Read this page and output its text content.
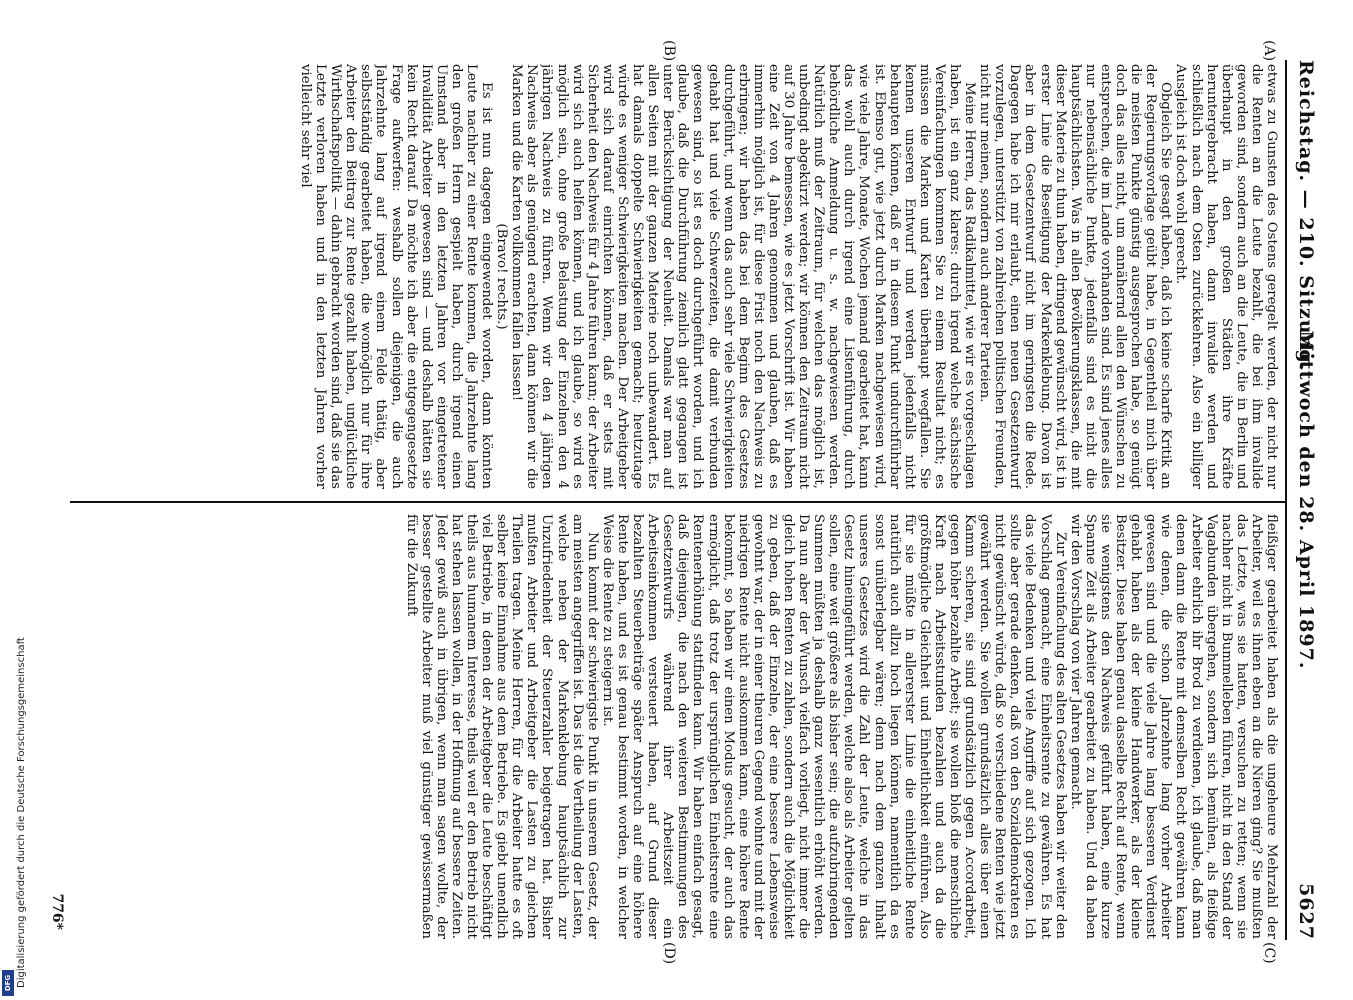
Reichstag. — 210. Sitzung.
Mittwoch den 28. April 1897.
5627
(A)
(B)
(C)
(D)

etwas zu Gunsten des Ostens geregelt werden, der nicht nur die Renten an die Leute bezahlt, die bei ihm invalide geworden sind, sondern auch an die Leute, die in Berlin und überhaupt in den großen Städten ihre Kräfte heruntergebracht haben, dann invalide werden und schließlich nach dem Osten zurückkehren. Also ein billiger Ausgleich ist doch wohl gerecht.

Obgleich Sie gesagt haben, daß ich keine scharfe Kritik an der Regierungsvorlage geübt habe, in Gegentheil mich über die meisten Punkte günstig ausgesprochen habe, so genügt doch das alles nicht, um annähernd allen den Wünschen zu entsprechen, die im Lande vorhanden sind. Es sind jenes alles nur nebensächliche Punkte, jedenfalls sind es nicht die hauptsächlichsten. Was in allen Bevölkerungsklassen, die mit dieser Materie zu thun haben, dringend gewünscht wird, ist in erster Linie die Beseitigung der Markenklebung. Davon ist aber in dem Gesetzentwurf nicht im geringsten die Rede. Dagegen habe ich mir erlaubt, einen neuen Gesetzentwurf vorzulegen, unterstützt von zahlreichen politischen Freunden, nicht nur meinen, sondern auch anderer Parteien.

Meine Herren, das Radikalmittel, wie wir es vorgeschlagen haben, ist ein ganz klares: durch irgend welche sächsische Vereinfachungen kommen Sie zu einem Resultat nicht; es müssen die Marken und Karten überhaupt wegfallen. Sie kennen unseren Entwurf und werden jedenfalls nicht behaupten können, daß er in diesem Punkt undurchführbar ist. Ebenso gut, wie jetzt durch Marken nachgewiesen wird, wie viele Jahre, Monate, Wochen jemand gearbeitet hat, kann das wohl auch durch irgend eine Listenführung, durch behördliche Anmeldung u. s. w. nachgewiesen werden. Natürlich muß der Zeitraum, für welchen das möglich ist, unbedingt abgekürzt werden; wir können den Zeitraum nicht auf 30 Jahre bemessen, wie es jetzt Vorschrift ist. Wir haben eine Zeit von 4 Jahren genommen und glauben, daß es immerhin möglich ist, für diese Frist noch den Nachweis zu erbringen; wir haben das bei dem Beginn des Gesetzes durchgeführt, und wenn das auch sehr viele Schwierigkeiten gehabt hat und viele Schwerzeiten, die damit verbunden gewesen sind, so ist es doch durchgeführt worden, und ich glaube, daß die Durchführung ziemlich glatt gegangen ist unter Berücksichtigung der Neuheit. Damals war man auf allen Seiten mit der ganzen Materie noch unbewandert. Es hat damals doppelte Schwierigkeiten gemacht; heutzutage würde es weniger Schwierigkeiten machen. Der Arbeitgeber wird sich darauf einrichten können, daß er stets mit Sicherheit den Nachweis für 4 Jahre führen kann; der Arbeiter wird sich auch helfen können, und ich glaube, so wird es möglich sein, ohne große Belastung der Einzelnen den 4 jährigen Nachweis zu führen. Wenn wir den 4 jährigen Nachweis aber als genügend erachten, dann können wir die Marken und die Karten vollkommen fallen lassen!

(Bravo! rechts.)

Es ist nun dagegen eingewendet worden, dann könnten Leute nachher zu einer Rente kommen, die Jahrzehnte lang den großen Herrn gespielt haben, durch irgend einen Umstand aber in den letzten Jahren vor eingetretener Invalidität Arbeiter gewesen sind — und deshalb hätten sie kein Recht darauf. Da möchte ich aber die entgegengesetzte Frage aufwerfen: weshalb sollen diejenigen, die auch Jahrzehnte lang auf irgend einem Felde thätig, aber selbstständig gearbeitet haben, die womöglich nur für ihre Arbeiter den Beitrag zur Rente gezahlt haben, unglückliche Wirthschaftspolitik — dahin gebracht worden sind, daß sie das Letzte verloren haben und in den letzten Jahren vorher vielleicht sehr viel

fleißiger gearbeitet haben als die ungeheure Mehrzahl der Arbeiter, weil es ihnen eben an die Nieren ging? Sie mußten das Letzte, was sie hatten, versuchen zu retten; wenn sie nachher nicht in Bummelleben führen, nicht in den Stand der Vagabunden übergehen, sondern sich bemühen, als fleißige Arbeiter ehrlich ihr Brod zu verdienen, ich glaube, daß man denen dann die Rente mit demselben Recht gewähren kann wie denen, die schon Jahrzehnte lang vorher Arbeiter gewesen sind und die viele Jahre lang besseren Verdienst gehabt haben als der kleine Handwerker, als der kleine Besitzer. Diese haben genau dasselbe Recht auf Rente, wenn sie wenigstens den Nachweis geführt haben, eine kurze Spanne Zeit als Arbeiter gearbeitet zu haben. Und da haben wir den Vorschlag von vier Jahren gemacht.

Zur Vereinfachung des alten Gesetzes haben wir weiter den Vorschlag gemacht, eine Einheitsrente zu gewähren. Es hat das viele Bedenken und viele Angriffe auf sich gezogen. Ich sollte aber gerade denken, daß von den Sozialdemokraten es nicht gewünscht würde, daß so verschiedene Renten wie jetzt gewährt werden. Sie wollen grundsätzlich alles über einen Kamm scheren, sie sind grundsätzlich gegen Accordarbeit, gegen höher bezahlte Arbeit; sie wollen bloß die menschliche Kraft nach Arbeitsstunden bezahlen und auch da die größtmögliche Gleichheit und Einheitlichkeit einführen. Also für sie müßte in allererster Linie die einheitliche Rente natürlich auch allzu hoch liegen können, namentlich da es sonst unüberlegbar wären; denn nach dem ganzen Inhalt unseres Gesetzes wird die Zahl der Leute, welche in das Gesetz hineingeführt werden, welche also als Arbeiter gelten sollen, eine weit größere als bisher sein; die aufzubringenden Summen müßten ja deshalb ganz wesentlich erhöht werden. Da nun aber der Wunsch vielfach vorliegt, nicht immer die gleich hohen Renten zu zahlen, sondern auch die Möglichkeit zu geben, daß der Einzelne, der eine bessere Lebensweise gewohnt war, der in einer theuren Gegend wohnte und mit der niedrigen Rente nicht auskommen kann, eine höhere Rente bekommt, so haben wir einen Modus gesucht, der auch das ermöglicht, daß trotz der ursprünglichen Einheitsrente eine Rentenerhöhung stattfinden kann. Wir haben einfach gesagt, daß diejenigen, die nach den weiteren Bestimmungen des Gesetzentwurfs während ihrer Arbeitszeit ein Arbeitseinkommen versteuert haben, auf Grund dieser bezahlten Steuerbeiträge später Anspruch auf eine höhere Rente haben, und es ist genau bestimmt worden, in welcher Weise die Rente zu steigern ist.

Nun kommt der schwierigste Punkt in unserem Gesetz, der am meisten angegriffen ist. Das ist die Vertheilung der Lasten, welche neben der Markenklebung hauptsächlich zur Unzufriedenheit der Steuerzahler beigetragen hat. Bisher mußten Arbeiter und Arbeitgeber die Lasten zu gleichen Theilen tragen. Meine Herren, für die Arbeiter hatte es oft selber keine Einnahme aus dem Betriebe. Es giebt unendlich viel Betriebe, in denen der Arbeitgeber die Leute beschäftigt theils aus humanem Interesse, theils weil er den Betrieb nicht hat stehen lassen wollen, in der Hoffnung auf bessere Zeiten. Jeder gewiß auch in übrigen, wenn man sagen wollte, der besser gestellte Arbeiter muß viel günstiger gewissermaßen für die Zukunft

776*
Digitalisierung gefördert durch die Deutsche Forschungsgemeinschaft
DFG
